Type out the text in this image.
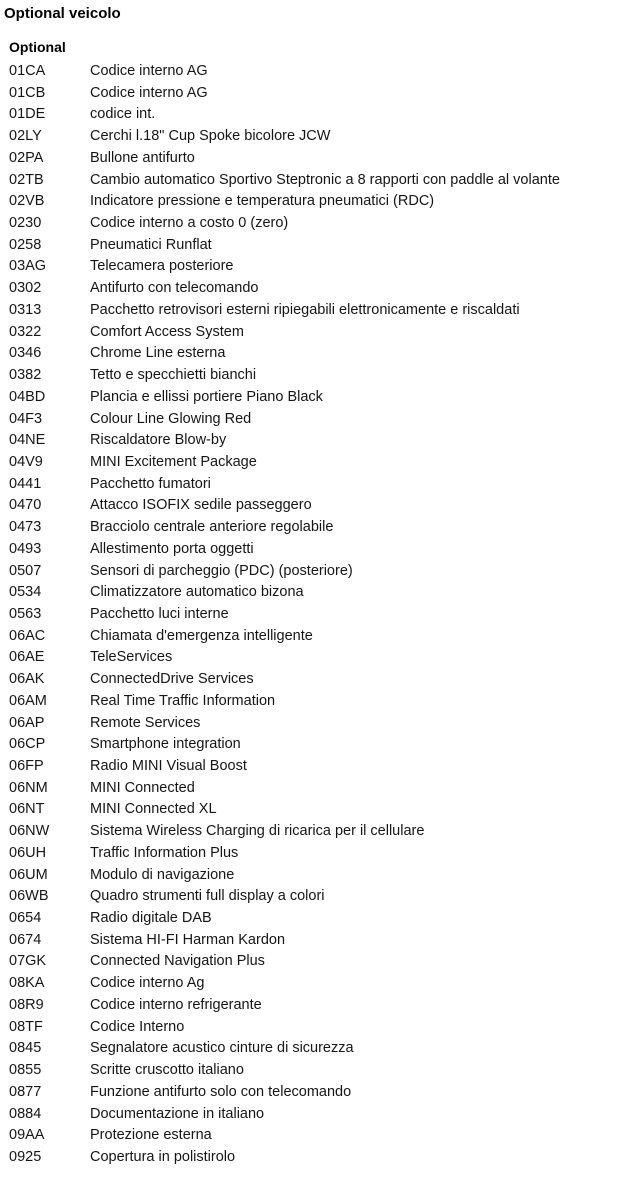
Optional veicolo
Optional
01CA	Codice interno AG
01CB	Codice interno AG
01DE	codice int.
02LY	Cerchi l.18" Cup Spoke bicolore JCW
02PA	Bullone antifurto
02TB	Cambio automatico Sportivo Steptronic a 8 rapporti con paddle al volante
02VB	Indicatore pressione e temperatura pneumatici (RDC)
0230	Codice interno a costo 0 (zero)
0258	Pneumatici Runflat
03AG	Telecamera posteriore
0302	Antifurto con telecomando
0313	Pacchetto retrovisori esterni ripiegabili elettronicamente e riscaldati
0322	Comfort Access System
0346	Chrome Line esterna
0382	Tetto e specchietti bianchi
04BD	Plancia e ellissi portiere Piano Black
04F3	Colour Line Glowing Red
04NE	Riscaldatore Blow-by
04V9	MINI Excitement Package
0441	Pacchetto fumatori
0470	Attacco ISOFIX sedile passeggero
0473	Bracciolo centrale anteriore regolabile
0493	Allestimento porta oggetti
0507	Sensori di parcheggio (PDC) (posteriore)
0534	Climatizzatore automatico bizona
0563	Pacchetto luci interne
06AC	Chiamata d'emergenza intelligente
06AE	TeleServices
06AK	ConnectedDrive Services
06AM	Real Time Traffic Information
06AP	Remote Services
06CP	Smartphone integration
06FP	Radio MINI Visual Boost
06NM	MINI Connected
06NT	MINI Connected XL
06NW	Sistema Wireless Charging di ricarica per il cellulare
06UH	Traffic Information Plus
06UM	Modulo di navigazione
06WB	Quadro strumenti full display a colori
0654	Radio digitale DAB
0674	Sistema HI-FI Harman Kardon
07GK	Connected Navigation Plus
08KA	Codice interno Ag
08R9	Codice interno refrigerante
08TF	Codice Interno
0845	Segnalatore acustico cinture di sicurezza
0855	Scritte cruscotto italiano
0877	Funzione antifurto solo con telecomando
0884	Documentazione in italiano
09AA	Protezione esterna
0925	Copertura in polistirolo
